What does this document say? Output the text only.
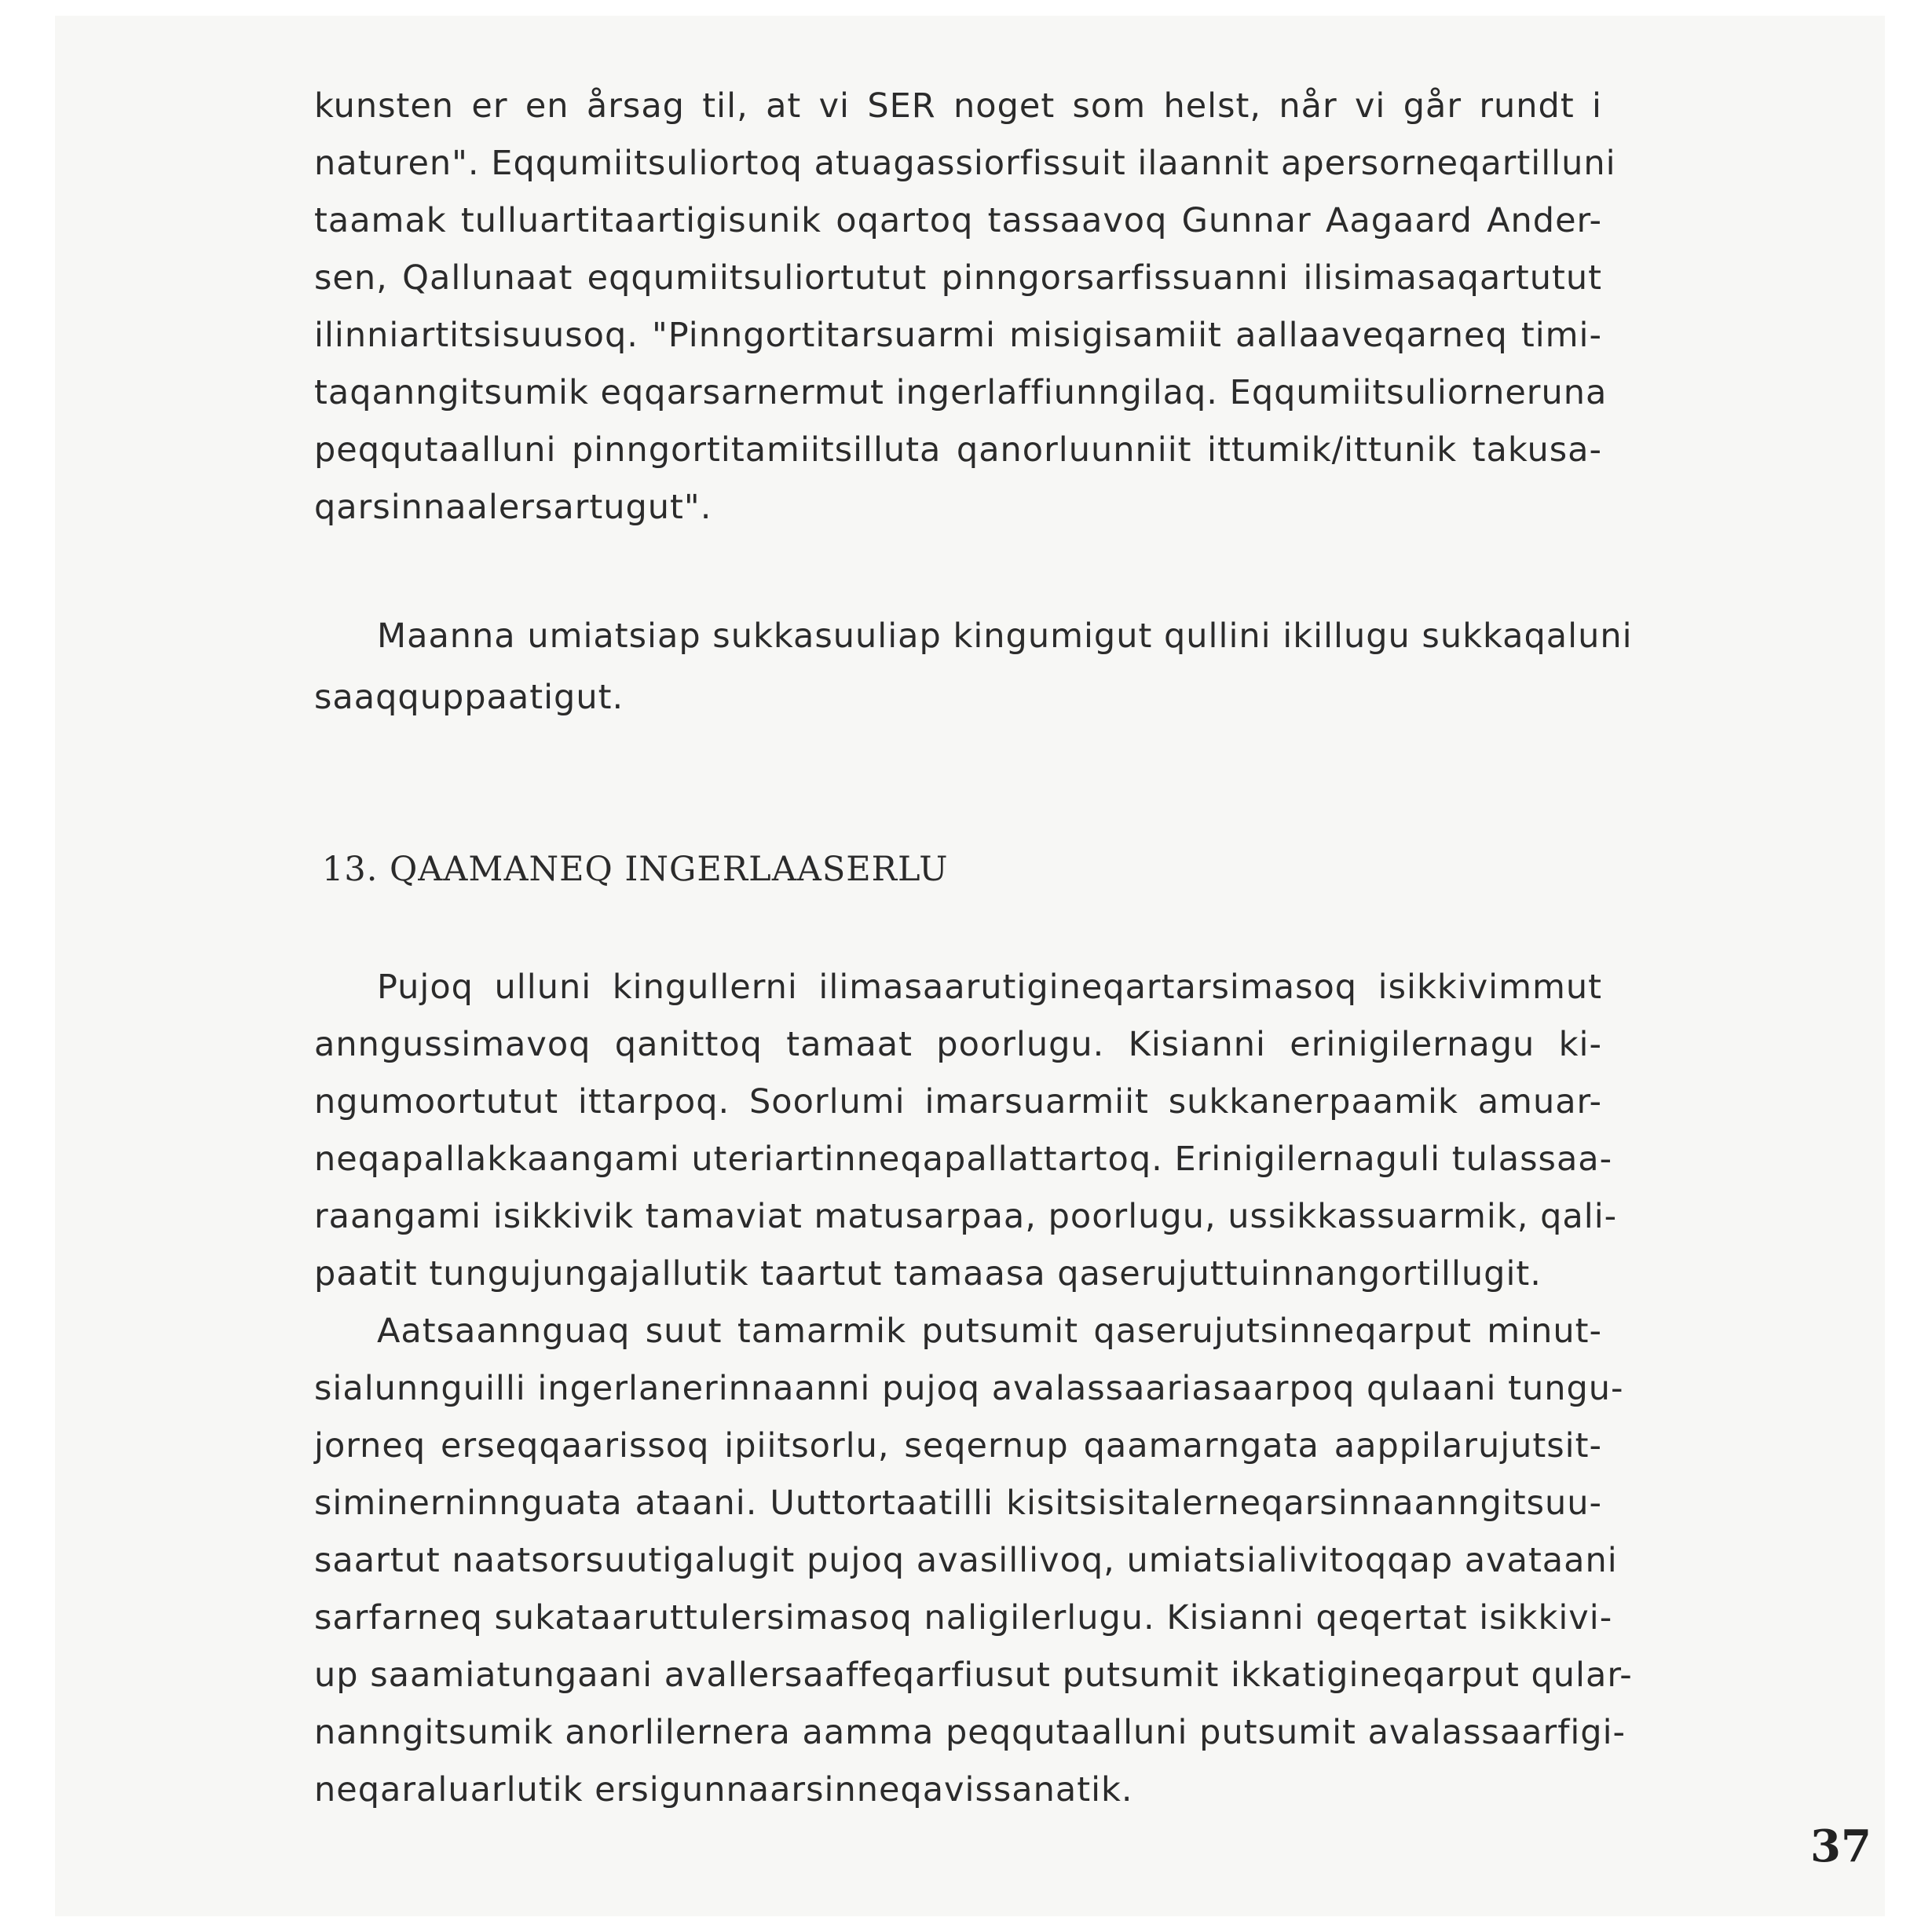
kunsten er en årsag til, at vi SER noget som helst, når vi går rundt i
naturen". Eqqumiitsuliortoq atuagassiorfissuit ilaannit apersorneqartilluni
taamak tulluartitaartigisunik oqartoq tassaavoq Gunnar Aagaard Ander-
sen, Qallunaat eqqumiitsuliortutut pinngorsarfissuanni ilisimasaqartutut
ilinniartitsisuusoq. "Pinngortitarsuarmi misigisamiit aallaaveqarneq timi-
taqanngitsumik eqqarsarnermut ingerlaffiunngilaq. Eqqumiitsuliorneruna
peqqutaalluni pinngortitamiitsilluta qanorluunniit ittumik/ittunik takusa-
qarsinnaalersartugut".
Maanna umiatsiap sukkasuuliap kingumigut qullini ikillugu sukkaqaluni
saaqquppaatigut.
13. QAAMANEQ INGERLAASERLU
Pujoq ulluni kingullerni ilimasaarutigineqartarsimasoq isikkivimmut
anngussimavoq qanittoq tamaat poorlugu. Kisianni erinigilernagu ki-
ngumoortutut ittarpoq. Soorlumi imarsuarmiit sukkanerpaamik amuar-
neqapallakkaangami uteriartinneqapallattartoq. Erinigilernaguli tulassaa-
raangami isikkivik tamaviat matusarpaa, poorlugu, ussikkassuarmik, qali-
paatit tungujungajallutik taartut tamaasa qaserujuttuinnangortillugit.
Aatsaannguaq suut tamarmik putsumit qaserujutsinneqarput minut-
sialunnguilli ingerlanerinnaanni pujoq avalassaariasaarpoq qulaani tungu-
jorneq erseqqaarissoq ipiitsorlu, seqernup qaamarngata aappilarujutsit-
siminerninnguata ataani. Uuttortaatilli kisitsisitalerneqarsinnaanngitsuu-
saartut naatsorsuutigalugit pujoq avasillivoq, umiatsialivitoqqap avataani
sarfarneq sukataaruttulersimasoq naligilerlugu. Kisianni qeqertat isikkivi-
up saamiatungaani avallersaaffeqarfiusut putsumit ikkatigineqarput qular-
nanngitsumik anorlilernera aamma peqqutaalluni putsumit avalassaarfigi-
neqaraluarlutik ersigunnaarsinneqavissanatik.
37
